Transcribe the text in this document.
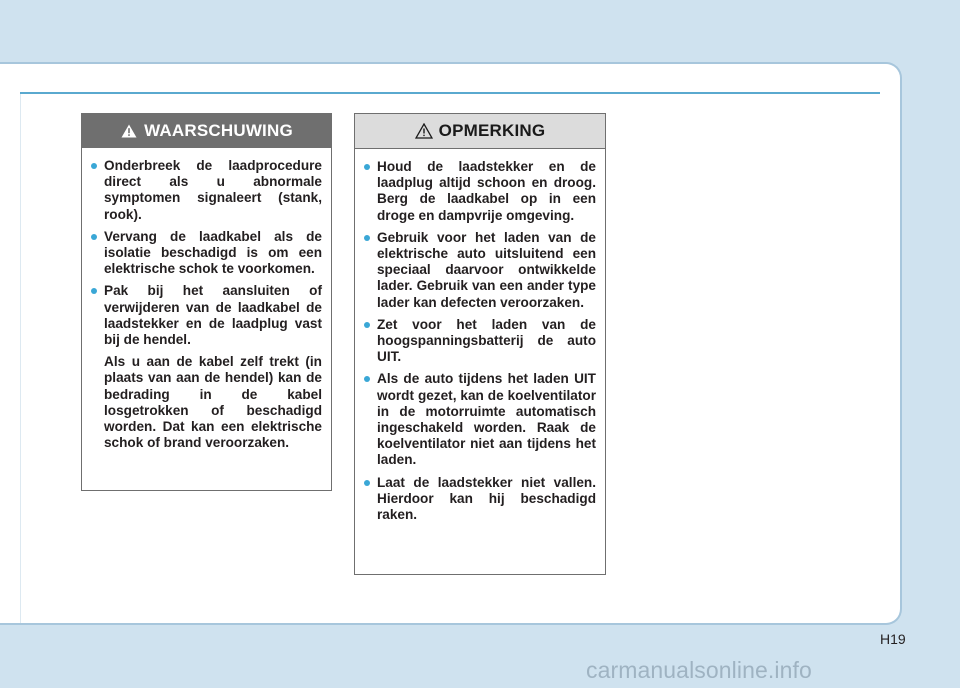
WAARSCHUWING
Onderbreek de laadprocedure direct als u abnormale symptomen signaleert (stank, rook).
Vervang de laadkabel als de isolatie beschadigd is om een elektrische schok te voorkomen.
Pak bij het aansluiten of verwijderen van de laadkabel de laadstekker en de laadplug vast bij de hendel.
Als u aan de kabel zelf trekt (in plaats van aan de hendel) kan de bedrading in de kabel losgetrokken of beschadigd worden. Dat kan een elektrische schok of brand veroorzaken.
OPMERKING
Houd de laadstekker en de laadplug altijd schoon en droog. Berg de laadkabel op in een droge en dampvrije omgeving.
Gebruik voor het laden van de elektrische auto uitsluitend een speciaal daarvoor ontwikkelde lader. Gebruik van een ander type lader kan defecten veroorzaken.
Zet voor het laden van de hoogspanningsbatterij de auto UIT.
Als de auto tijdens het laden UIT wordt gezet, kan de koelventilator in de motorruimte automatisch ingeschakeld worden. Raak de koelventilator niet aan tijdens het laden.
Laat de laadstekker niet vallen. Hierdoor kan hij beschadigd raken.
H19
carmanualsonline.info
